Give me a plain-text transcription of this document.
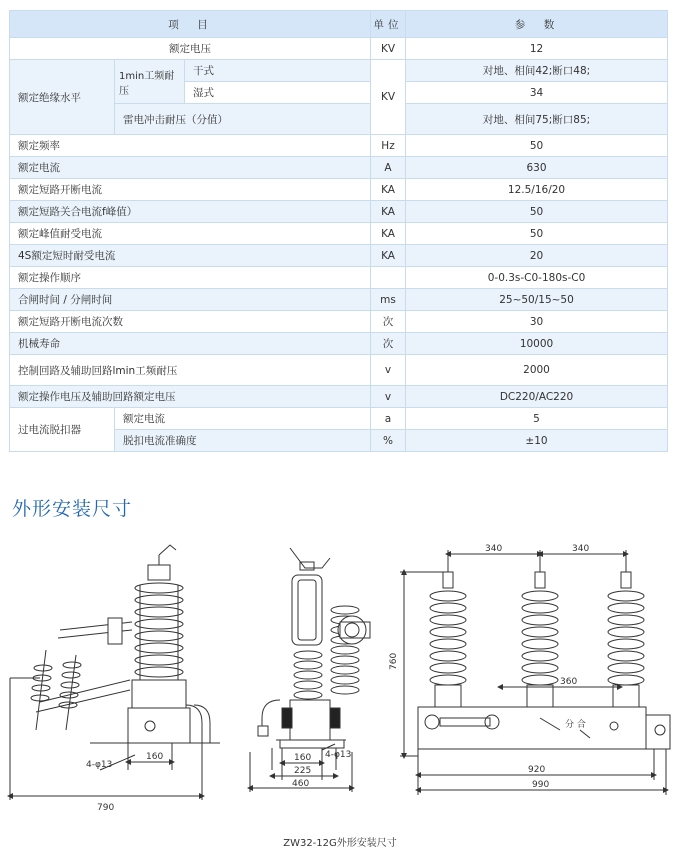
项　目			单位	参　数
额定电压			KV	12
额定绝缘水平	1min工频耐压	干式	KV	对地、相间42;断口48;
		湿式		34
	雷电冲击耐压（分值）			对地、相间75;断口85;
额定频率			Hz	50
额定电流			A	630
额定短路开断电流			KA	12.5/16/20
额定短路关合电流f峰值）			KA	50
额定峰值耐受电流			KA	50
4S额定短时耐受电流			KA	20
额定操作顺序				0-0.3s-C0-180s-C0
合闸时间 / 分闸时间			ms	25~50/15~50
额定短路开断电流次数			次	30
机械寿命			次	10000
控制回路及辅助回路lmin工频耐压			v	2000
额定操作电压及辅助回路额定电压			v	DC220/AC220
过电流脱扣器	额定电流		a	5
	脱扣电流准确度		%	±10
外形安装尺寸
4-φ13
160
790
160 4-φ13
225
460
340	340
360
760
920
990
分 合
ZW32-12G外形安装尺寸
